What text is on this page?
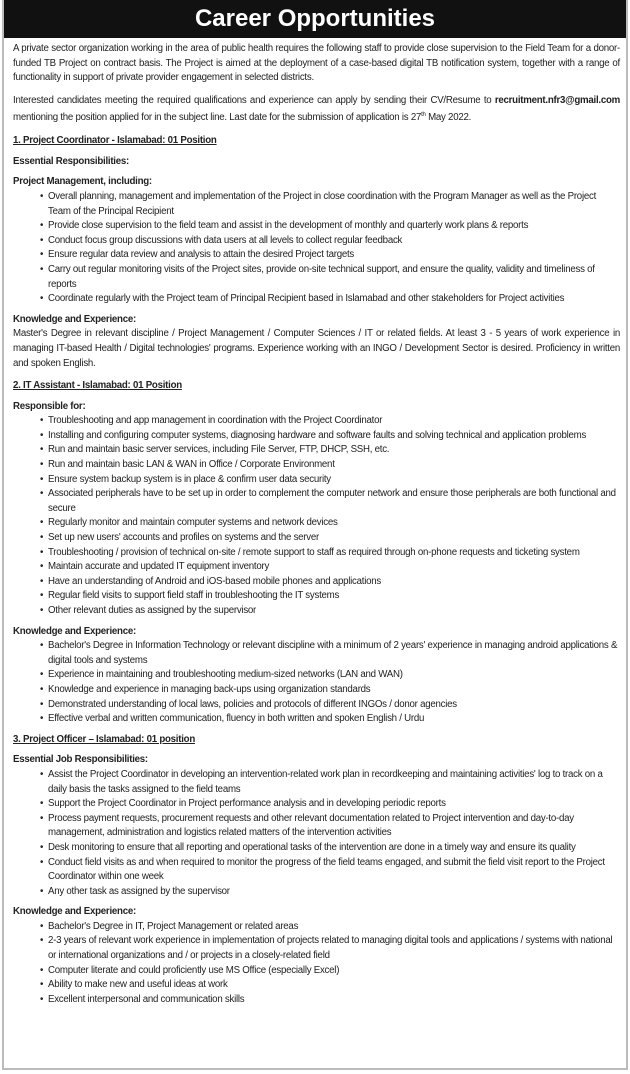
Career Opportunities

A private sector organization working in the area of public health requires the following staff to provide close supervision to the Field Team for a donor-funded TB Project on contract basis. The Project is aimed at the deployment of a case-based digital TB notification system, together with a range of functionality in support of private provider engagement in selected districts.

Interested candidates meeting the required qualifications and experience can apply by sending their CV/Resume to recruitment.nfr3@gmail.com mentioning the position applied for in the subject line. Last date for the submission of application is 27th May 2022.

1. Project Coordinator - Islamabad: 01 Position
Essential Responsibilities:
Project Management, including:
• Overall planning, management and implementation of the Project in close coordination with the Program Manager as well as the Project Team of the Principal Recipient
• Provide close supervision to the field team and assist in the development of monthly and quarterly work plans & reports
• Conduct focus group discussions with data users at all levels to collect regular feedback
• Ensure regular data review and analysis to attain the desired Project targets
• Carry out regular monitoring visits of the Project sites, provide on-site technical support, and ensure the quality, validity and timeliness of reports
• Coordinate regularly with the Project team of Principal Recipient based in Islamabad and other stakeholders for Project activities
Knowledge and Experience:

Master's Degree in relevant discipline / Project Management / Computer Sciences / IT or related fields. At least 3 - 5 years of work experience in managing IT-based Health / Digital technologies' programs. Experience working with an INGO / Development Sector is desired. Proficiency in written and spoken English.

2. IT Assistant - Islamabad: 01 Position
Responsible for:
• Troubleshooting and app management in coordination with the Project Coordinator
• Installing and configuring computer systems, diagnosing hardware and software faults and solving technical and application problems
• Run and maintain basic server services, including File Server, FTP, DHCP, SSH, etc.
• Run and maintain basic LAN & WAN in Office / Corporate Environment
• Ensure system backup system is in place & confirm user data security
• Associated peripherals have to be set up in order to complement the computer network and ensure those peripherals are both functional and secure
• Regularly monitor and maintain computer systems and network devices
• Set up new users' accounts and profiles on systems and the server
• Troubleshooting / provision of technical on-site / remote support to staff as required through on-phone requests and ticketing system
• Maintain accurate and updated IT equipment inventory
• Have an understanding of Android and iOS-based mobile phones and applications
• Regular field visits to support field staff in troubleshooting the IT systems
• Other relevant duties as assigned by the supervisor
Knowledge and Experience:
• Bachelor's Degree in Information Technology or relevant discipline with a minimum of 2 years' experience in managing android applications & digital tools and systems
• Experience in maintaining and troubleshooting medium-sized networks (LAN and WAN)
• Knowledge and experience in managing back-ups using organization standards
• Demonstrated understanding of local laws, policies and protocols of different INGOs / donor agencies
• Effective verbal and written communication, fluency in both written and spoken English / Urdu
3. Project Officer – Islamabad: 01 position
Essential Job Responsibilities:
• Assist the Project Coordinator in developing an intervention-related work plan in recordkeeping and maintaining activities' log to track on a daily basis the tasks assigned to the field teams
• Support the Project Coordinator in Project performance analysis and in developing periodic reports
• Process payment requests, procurement requests and other relevant documentation related to Project intervention and day-to-day management, administration and logistics related matters of the intervention activities
• Desk monitoring to ensure that all reporting and operational tasks of the intervention are done in a timely way and ensure its quality
• Conduct field visits as and when required to monitor the progress of the field teams engaged, and submit the field visit report to the Project Coordinator within one week
• Any other task as assigned by the supervisor
Knowledge and Experience:
• Bachelor's Degree in IT, Project Management or related areas
• 2-3 years of relevant work experience in implementation of projects related to managing digital tools and applications / systems with national or international organizations and / or projects in a closely-related field
• Computer literate and could proficiently use MS Office (especially Excel)
• Ability to make new and useful ideas at work
• Excellent interpersonal and communication skills
